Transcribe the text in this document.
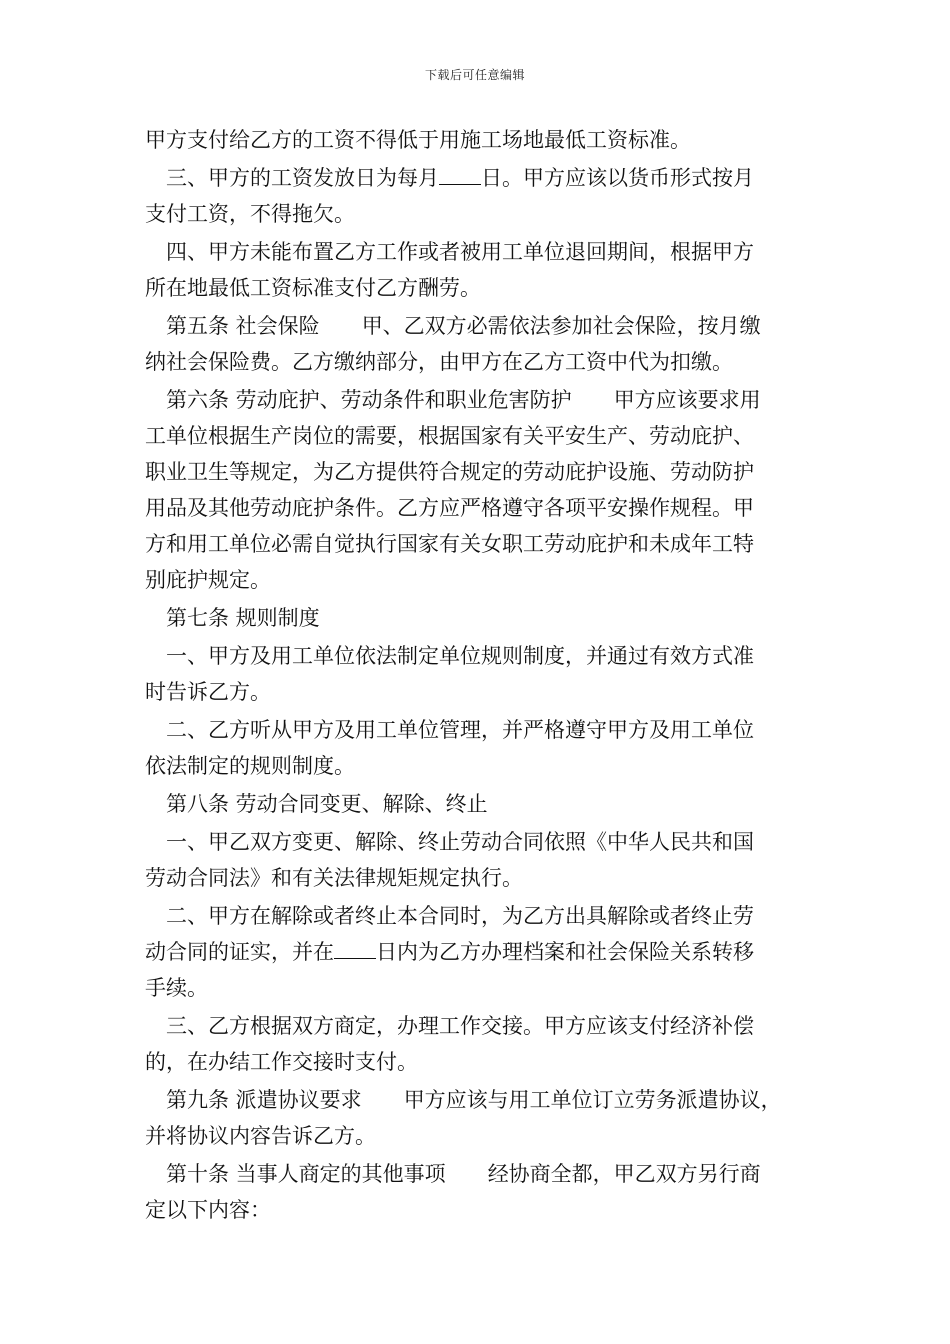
下载后可任意编辑
甲方支付给乙方的工资不得低于用施工场地最低工资标准。
三、甲方的工资发放日为每月 日。甲方应该以货币形式按月
支付工资，不得拖欠。
四、甲方未能布置乙方工作或者被用工单位退回期间，根据甲方
所在地最低工资标准支付乙方酬劳。
第五条 社会保险 甲、乙双方必需依法参加社会保险，按月缴
纳社会保险费。乙方缴纳部分，由甲方在乙方工资中代为扣缴。
第六条 劳动庇护、劳动条件和职业危害防护 甲方应该要求用
工单位根据生产岗位的需要，根据国家有关平安生产、劳动庇护、
职业卫生等规定，为乙方提供符合规定的劳动庇护设施、劳动防护
用品及其他劳动庇护条件。乙方应严格遵守各项平安操作规程。甲
方和用工单位必需自觉执行国家有关女职工劳动庇护和未成年工特
别庇护规定。
第七条 规则制度
一、甲方及用工单位依法制定单位规则制度，并通过有效方式准
时告诉乙方。
二、乙方听从甲方及用工单位管理，并严格遵守甲方及用工单位
依法制定的规则制度。
第八条 劳动合同变更、解除、终止
一、甲乙双方变更、解除、终止劳动合同依照《中华人民共和国
劳动合同法》和有关法律规矩规定执行。
二、甲方在解除或者终止本合同时，为乙方出具解除或者终止劳
动合同的证实，并在 日内为乙方办理档案和社会保险关系转移
手续。
三、乙方根据双方商定，办理工作交接。甲方应该支付经济补偿
的，在办结工作交接时支付。
第九条 派遣协议要求 甲方应该与用工单位订立劳务派遣协议，
并将协议内容告诉乙方。
第十条 当事人商定的其他事项 经协商全都，甲乙双方另行商
定以下内容：
